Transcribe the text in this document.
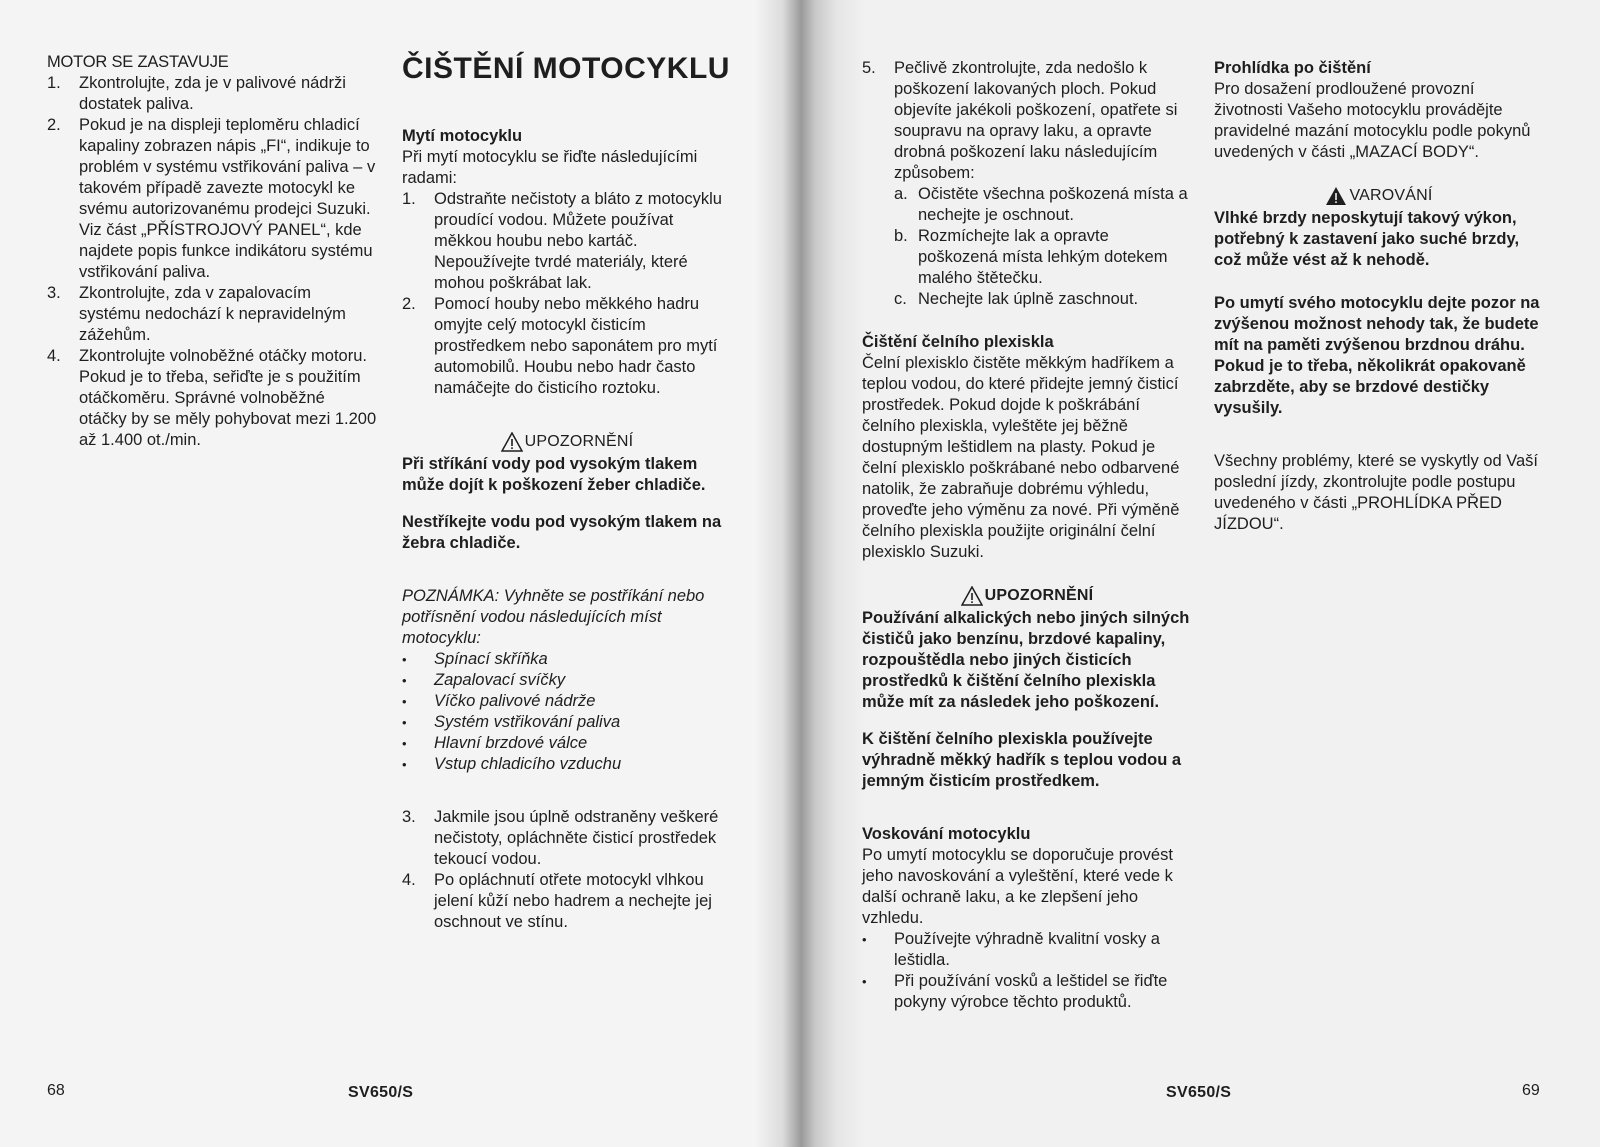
MOTOR SE ZASTAVUJE

1. Zkontrolujte, zda je v palivové nádrži dostatek paliva.
2. Pokud je na displeji teploměru chladicí kapaliny zobrazen nápis „FI“, indikuje to problém v systému vstřikování paliva – v takovém případě zavezte motocykl ke svému autorizovanému prodejci Suzuki. Viz část „PŘÍSTROJOVÝ PANEL“, kde najdete popis funkce indikátoru systému vstřikování paliva.
3. Zkontrolujte, zda v zapalovacím systému nedochází k nepravidelným zážehům.
4. Zkontrolujte volnoběžné otáčky motoru. Pokud je to třeba, seřiďte je s použitím otáčkoměru. Správné volnoběžné otáčky by se měly pohybovat mezi 1.200 až 1.400 ot./min.
ČIŠTĚNÍ MOTOCYKLU

Mytí motocyklu

Při mytí motocyklu se řiďte následujícími radami:

1. Odstraňte nečistoty a bláto z motocyklu proudící vodou. Můžete používat měkkou houbu nebo kartáč. Nepoužívejte tvrdé materiály, které mohou poškrábat lak.
2. Pomocí houby nebo měkkého hadru omyjte celý motocykl čisticím prostředkem nebo saponátem pro mytí automobilů. Houbu nebo hadr často namáčejte do čisticího roztoku.
UPOZORNĚNÍ

Při stříkání vody pod vysokým tlakem může dojít k poškození žeber chladiče.

Nestříkejte vodu pod vysokým tlakem na žebra chladiče.

POZNÁMKA: Vyhněte se postříkání nebo potřísnění vodou následujících míst motocyklu:

• Spínací skříňka
• Zapalovací svíčky
• Víčko palivové nádrže
• Systém vstřikování paliva
• Hlavní brzdové válce
• Vstup chladicího vzduchu
3. Jakmile jsou úplně odstraněny veškeré nečistoty, opláchněte čisticí prostředek tekoucí vodou.
4. Po opláchnutí otřete motocykl vlhkou jelení kůží nebo hadrem a nechejte jej oschnout ve stínu.
5. Pečlivě zkontrolujte, zda nedošlo k poškození lakovaných ploch. Pokud objevíte jakékoli poškození, opatřete si soupravu na opravy laku, a opravte drobná poškození laku následujícím způsobem:
a. Očistěte všechna poškozená místa a nechejte je oschnout.
b. Rozmíchejte lak a opravte poškozená místa lehkým dotekem malého štětečku.
c. Nechejte lak úplně zaschnout.

Čištění čelního plexiskla

Čelní plexisklo čistěte měkkým hadříkem a teplou vodou, do které přidejte jemný čisticí prostředek. Pokud dojde k poškrábání čelního plexiskla, vyleštěte jej běžně dostupným leštidlem na plasty. Pokud je čelní plexisklo poškrábané nebo odbarvené natolik, že zabraňuje dobrému výhledu, proveďte jeho výměnu za nové. Při výměně čelního plexiskla použijte originální čelní plexisklo Suzuki.

UPOZORNĚNÍ

Používání alkalických nebo jiných silných čističů jako benzínu, brzdové kapaliny, rozpouštědla nebo jiných čisticích prostředků k čištění čelního plexiskla může mít za následek jeho poškození.

K čištění čelního plexiskla používejte výhradně měkký hadřík s teplou vodou a jemným čisticím prostředkem.

Voskování motocyklu

Po umytí motocyklu se doporučuje provést jeho navoskování a vyleštění, které vede k další ochraně laku, a ke zlepšení jeho vzhledu.

• Používejte výhradně kvalitní vosky a leštidla.
• Při používání vosků a leštidel se řiďte pokyny výrobce těchto produktů.

Prohlídka po čištění

Pro dosažení prodloužené provozní životnosti Vašeho motocyklu provádějte pravidelné mazání motocyklu podle pokynů uvedených v části „MAZACÍ BODY“.

VAROVÁNÍ

Vlhké brzdy neposkytují takový výkon, potřebný k zastavení jako suché brzdy, což může vést až k nehodě.

Po umytí svého motocyklu dejte pozor na zvýšenou možnost nehody tak, že budete mít na paměti zvýšenou brzdnou dráhu. Pokud je to třeba, několikrát opakovaně zabrzděte, aby se brzdové destičky vysušily.

Všechny problémy, které se vyskytly od Vaší poslední jízdy, zkontrolujte podle postupu uvedeného v části „PROHLÍDKA PŘED JÍZDOU“.

68	SV650/S	SV650/S	69
